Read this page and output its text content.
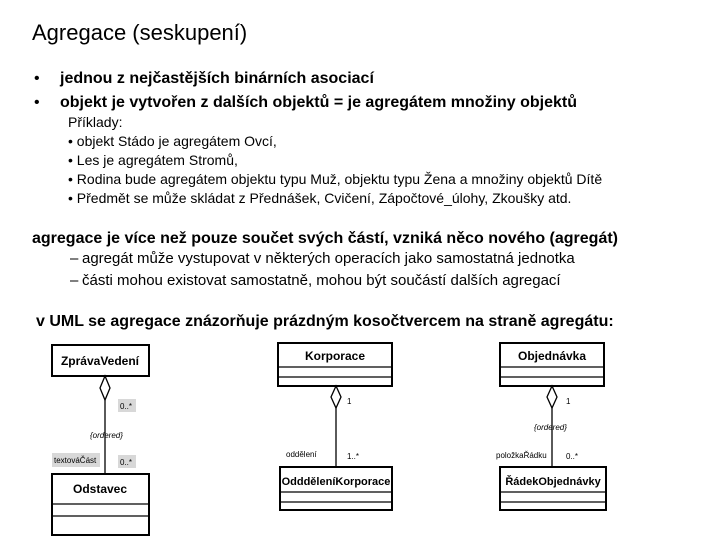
Agregace (seskupení)
• jednou z nejčastějších binárních asociací
• objekt je vytvořen z dalších objektů = je agregátem množiny objektů
Příklady:
• objekt Stádo je agregátem Ovcí,
• Les je agregátem Stromů,
• Rodina bude agregátem objektu typu Muž, objektu typu Žena a množiny objektů Dítě
• Předmět se může skládat z Přednášek, Cvičení, Zápočtové_úlohy, Zkoušky atd.
agregace je více než pouze součet svých částí, vzniká něco nového (agregát)
– agregát může vystupovat v některých operacích jako samostatná jednotka
– části mohou existovat samostatně, mohou být součástí dalších agregací
v UML se agregace znázorňuje prázdným kosočtvercem na straně agregátu:
ZprávaVedení
0..*
{ordered}
textováČást	0..*
Odstavec
Korporace
1
oddělení	1..*
OddděleníKorporace
Objednávka
1
{ordered}
položkaŘádku 0..*
ŘádekObjednávky
